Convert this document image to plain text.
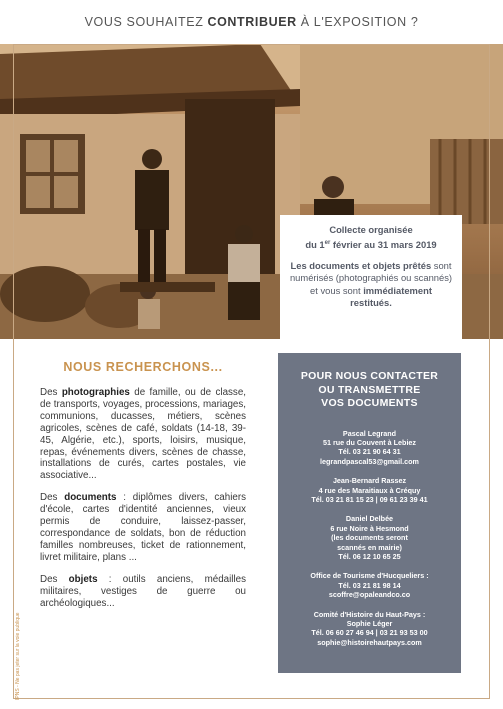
VOUS SOUHAITEZ CONTRIBUER À L'EXPOSITION ?

Collecte organisée
du 1er février au 31 mars 2019

Les documents et objets prêtés sont numérisés (photographiés ou scannés) et vous sont immédiatement restitués.

NOUS RECHERCHONS...

Des photographies de famille, ou de classe, de transports, voyages, processions, mariages, communions, ducasses, métiers, scènes agricoles, scènes de café, soldats (14-18, 39-45, Algérie, etc.), sports, loisirs, musique, repas, événements divers, scènes de chasse, installations de curés, cartes postales, vie associative...

Des documents : diplômes divers, cahiers d'école, cartes d'identité anciennes, vieux permis de conduire, laissez-passer, correspondance de soldats, bon de réduction familles nombreuses, ticket de rationnement, livret militaire, plans ...

Des objets : outils anciens, médailles militaires, vestiges de guerre ou archéologiques...

IPNS - Ne pas jeter sur la voie publique
POUR NOUS CONTACTER
OU TRANSMETTRE
VOS DOCUMENTS
Pascal Legrand
51 rue du Couvent à Lebiez
Tél. 03 21 90 64 31
legrandpascal53@gmail.com
Jean-Bernard Rassez
4 rue des Maraitiaux à Créquy
Tél. 03 21 81 15 23 | 09 61 23 39 41
Daniel Delbée
6 rue Noire à Hesmond
(les documents seront
scannés en mairie)
Tél. 06 12 10 65 25
Office de Tourisme d'Hucqueliers :
Tél. 03 21 81 98 14
scoffre@opaleandco.co
Comité d'Histoire du Haut-Pays :
Sophie Léger
Tél. 06 60 27 46 94 | 03 21 93 53 00
sophie@histoirehautpays.com
